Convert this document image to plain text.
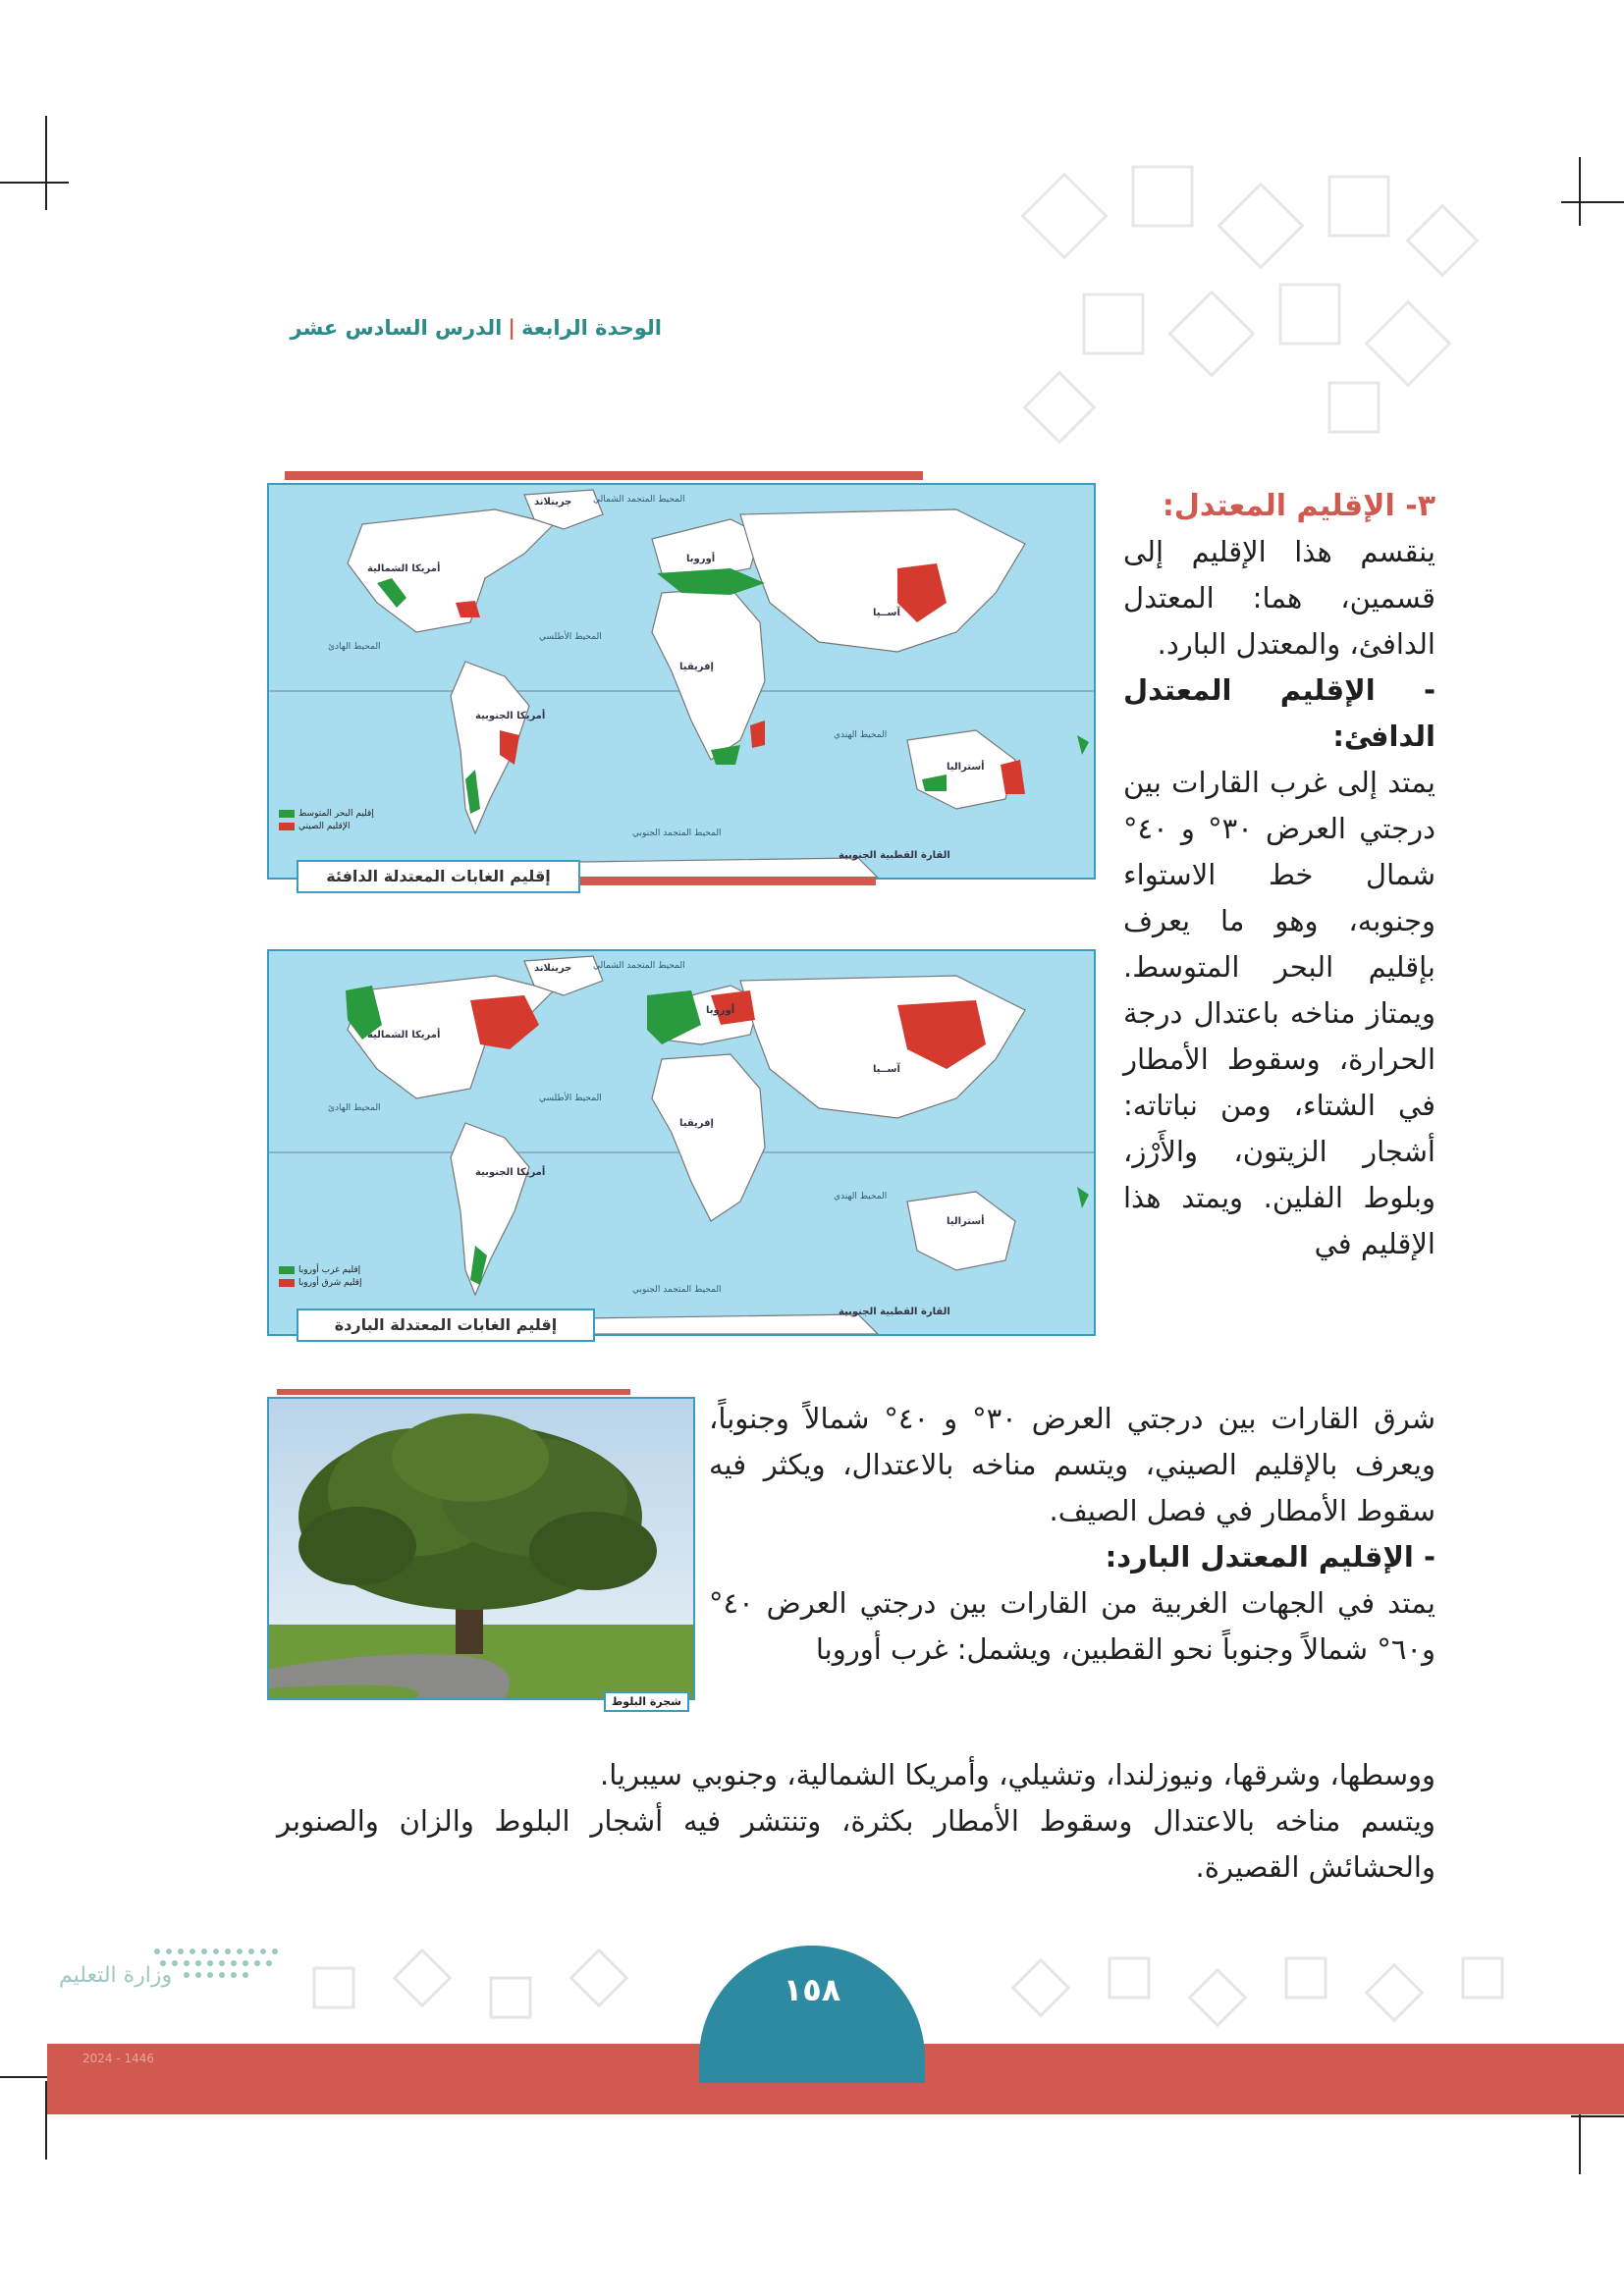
الوحدة الرابعة|الدرس السادس عشر
أمريكا الشمالية
أوروبا
آســيا
إفريقيا
أمريكا الجنوبية
أستراليا
جرينلاند
القارة القطبية الجنوبية
المحيط المتجمد الشمالي
المحيط الأطلسي
المحيط الهادئ
المحيط الهندي
المحيط المتجمد الجنوبي
إقليم البحر المتوسط
الإقليم الصيني
إقليم الغابات المعتدلة الدافئة
أمريكا الشمالية
أوروبا
آســيا
إفريقيا
أمريكا الجنوبية
أستراليا
جرينلاند
القارة القطبية الجنوبية
المحيط المتجمد الشمالي
المحيط الأطلسي
المحيط الهادئ
المحيط الهندي
المحيط المتجمد الجنوبي
إقليم غرب أوروبا
إقليم شرق أوروبا
إقليم الغابات المعتدلة الباردة
شجرة البلوط

٣- الإقليم المعتدل:

ينقسم هذا الإقليم إلى قسمين، هما: المعتدل الدافئ، والمعتدل البارد.

- الإقليم المعتدل الدافئ:

يمتد إلى غرب القارات بين درجتي العرض ٣٠° و ٤٠° شمال خط الاستواء وجنوبه، وهو ما يعرف بإقليم البحر المتوسط. ويمتاز مناخه باعتدال درجة الحرارة، وسقوط الأمطار في الشتاء، ومن نباتاته: أشجار الزيتون، والأَرْز، وبلوط الفلين. ويمتد هذا الإقليم في

شرق القارات بين درجتي العرض ٣٠° و ٤٠° شمالاً وجنوباً، ويعرف بالإقليم الصيني، ويتسم مناخه بالاعتدال، ويكثر فيه سقوط الأمطار في فصل الصيف.

- الإقليم المعتدل البارد:

يمتد في الجهات الغربية من القارات بين درجتي العرض ٤٠° و٦٠° شمالاً وجنوباً نحو القطبين، ويشمل: غرب أوروبا

ووسطها، وشرقها، ونيوزلندا، وتشيلي، وأمريكا الشمالية، وجنوبي سيبريا.

ويتسم مناخه بالاعتدال وسقوط الأمطار بكثرة، وتنتشر فيه أشجار البلوط والزان والصنوبر والحشائش القصيرة.

وزارة التعليم
2024 - 1446
١٥٨
